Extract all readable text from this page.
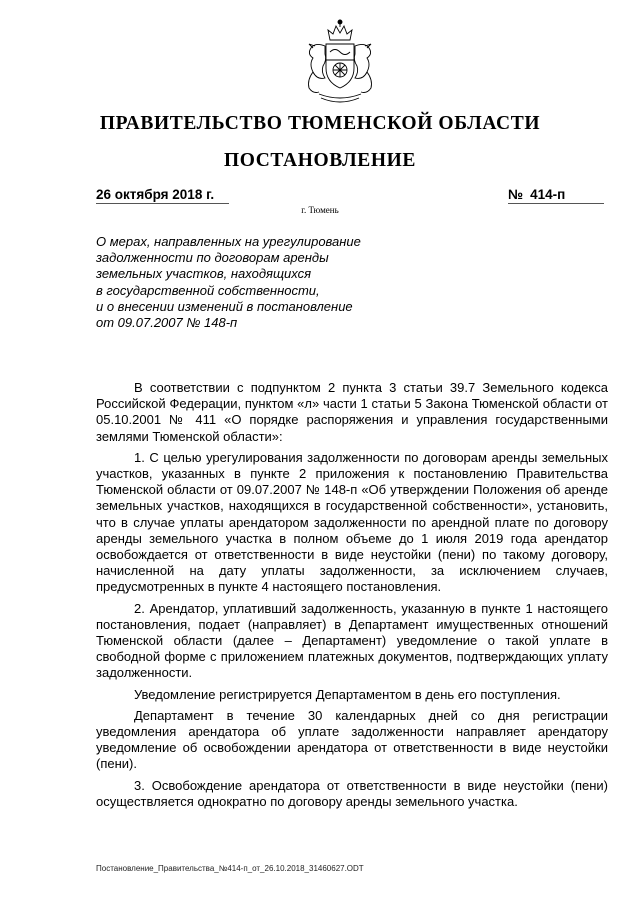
ПРАВИТЕЛЬСТВО ТЮМЕНСКОЙ ОБЛАСТИ
ПОСТАНОВЛЕНИЕ
26 октября 2018 г.	№ 414-п
г. Тюмень
О мерах, направленных на урегулирование
задолженности по договорам аренды
земельных участков, находящихся
в государственной собственности,
и о внесении изменений в постановление
от 09.07.2007 № 148-п

В соответствии с подпунктом 2 пункта 3 статьи 39.7 Земельного кодекса Российской Федерации, пунктом «л» части 1 статьи 5 Закона Тюменской области от 05.10.2001 № 411 «О порядке распоряжения и управления государственными землями Тюменской области»:

1. С целью урегулирования задолженности по договорам аренды земельных участков, указанных в пункте 2 приложения к постановлению Правительства Тюменской области от 09.07.2007 № 148-п «Об утверждении Положения об аренде земельных участков, находящихся в государственной собственности», установить, что в случае уплаты арендатором задолженности по арендной плате по договору аренды земельного участка в полном объеме до 1 июля 2019 года арендатор освобождается от ответственности в виде неустойки (пени) по такому договору, начисленной на дату уплаты задолженности, за исключением случаев, предусмотренных в пункте 4 настоящего постановления.

2. Арендатор, уплативший задолженность, указанную в пункте 1 настоящего постановления, подает (направляет) в Департамент имущественных отношений Тюменской области (далее – Департамент) уведомление о такой уплате в свободной форме с приложением платежных документов, подтверждающих уплату задолженности.

Уведомление регистрируется Департаментом в день его поступления.

Департамент в течение 30 календарных дней со дня регистрации уведомления арендатора об уплате задолженности направляет арендатору уведомление об освобождении арендатора от ответственности в виде неустойки (пени).

3. Освобождение арендатора от ответственности в виде неустойки (пени) осуществляется однократно по договору аренды земельного участка.

Постановление_Правительства_№414-п_от_26.10.2018_31460627.ODT
